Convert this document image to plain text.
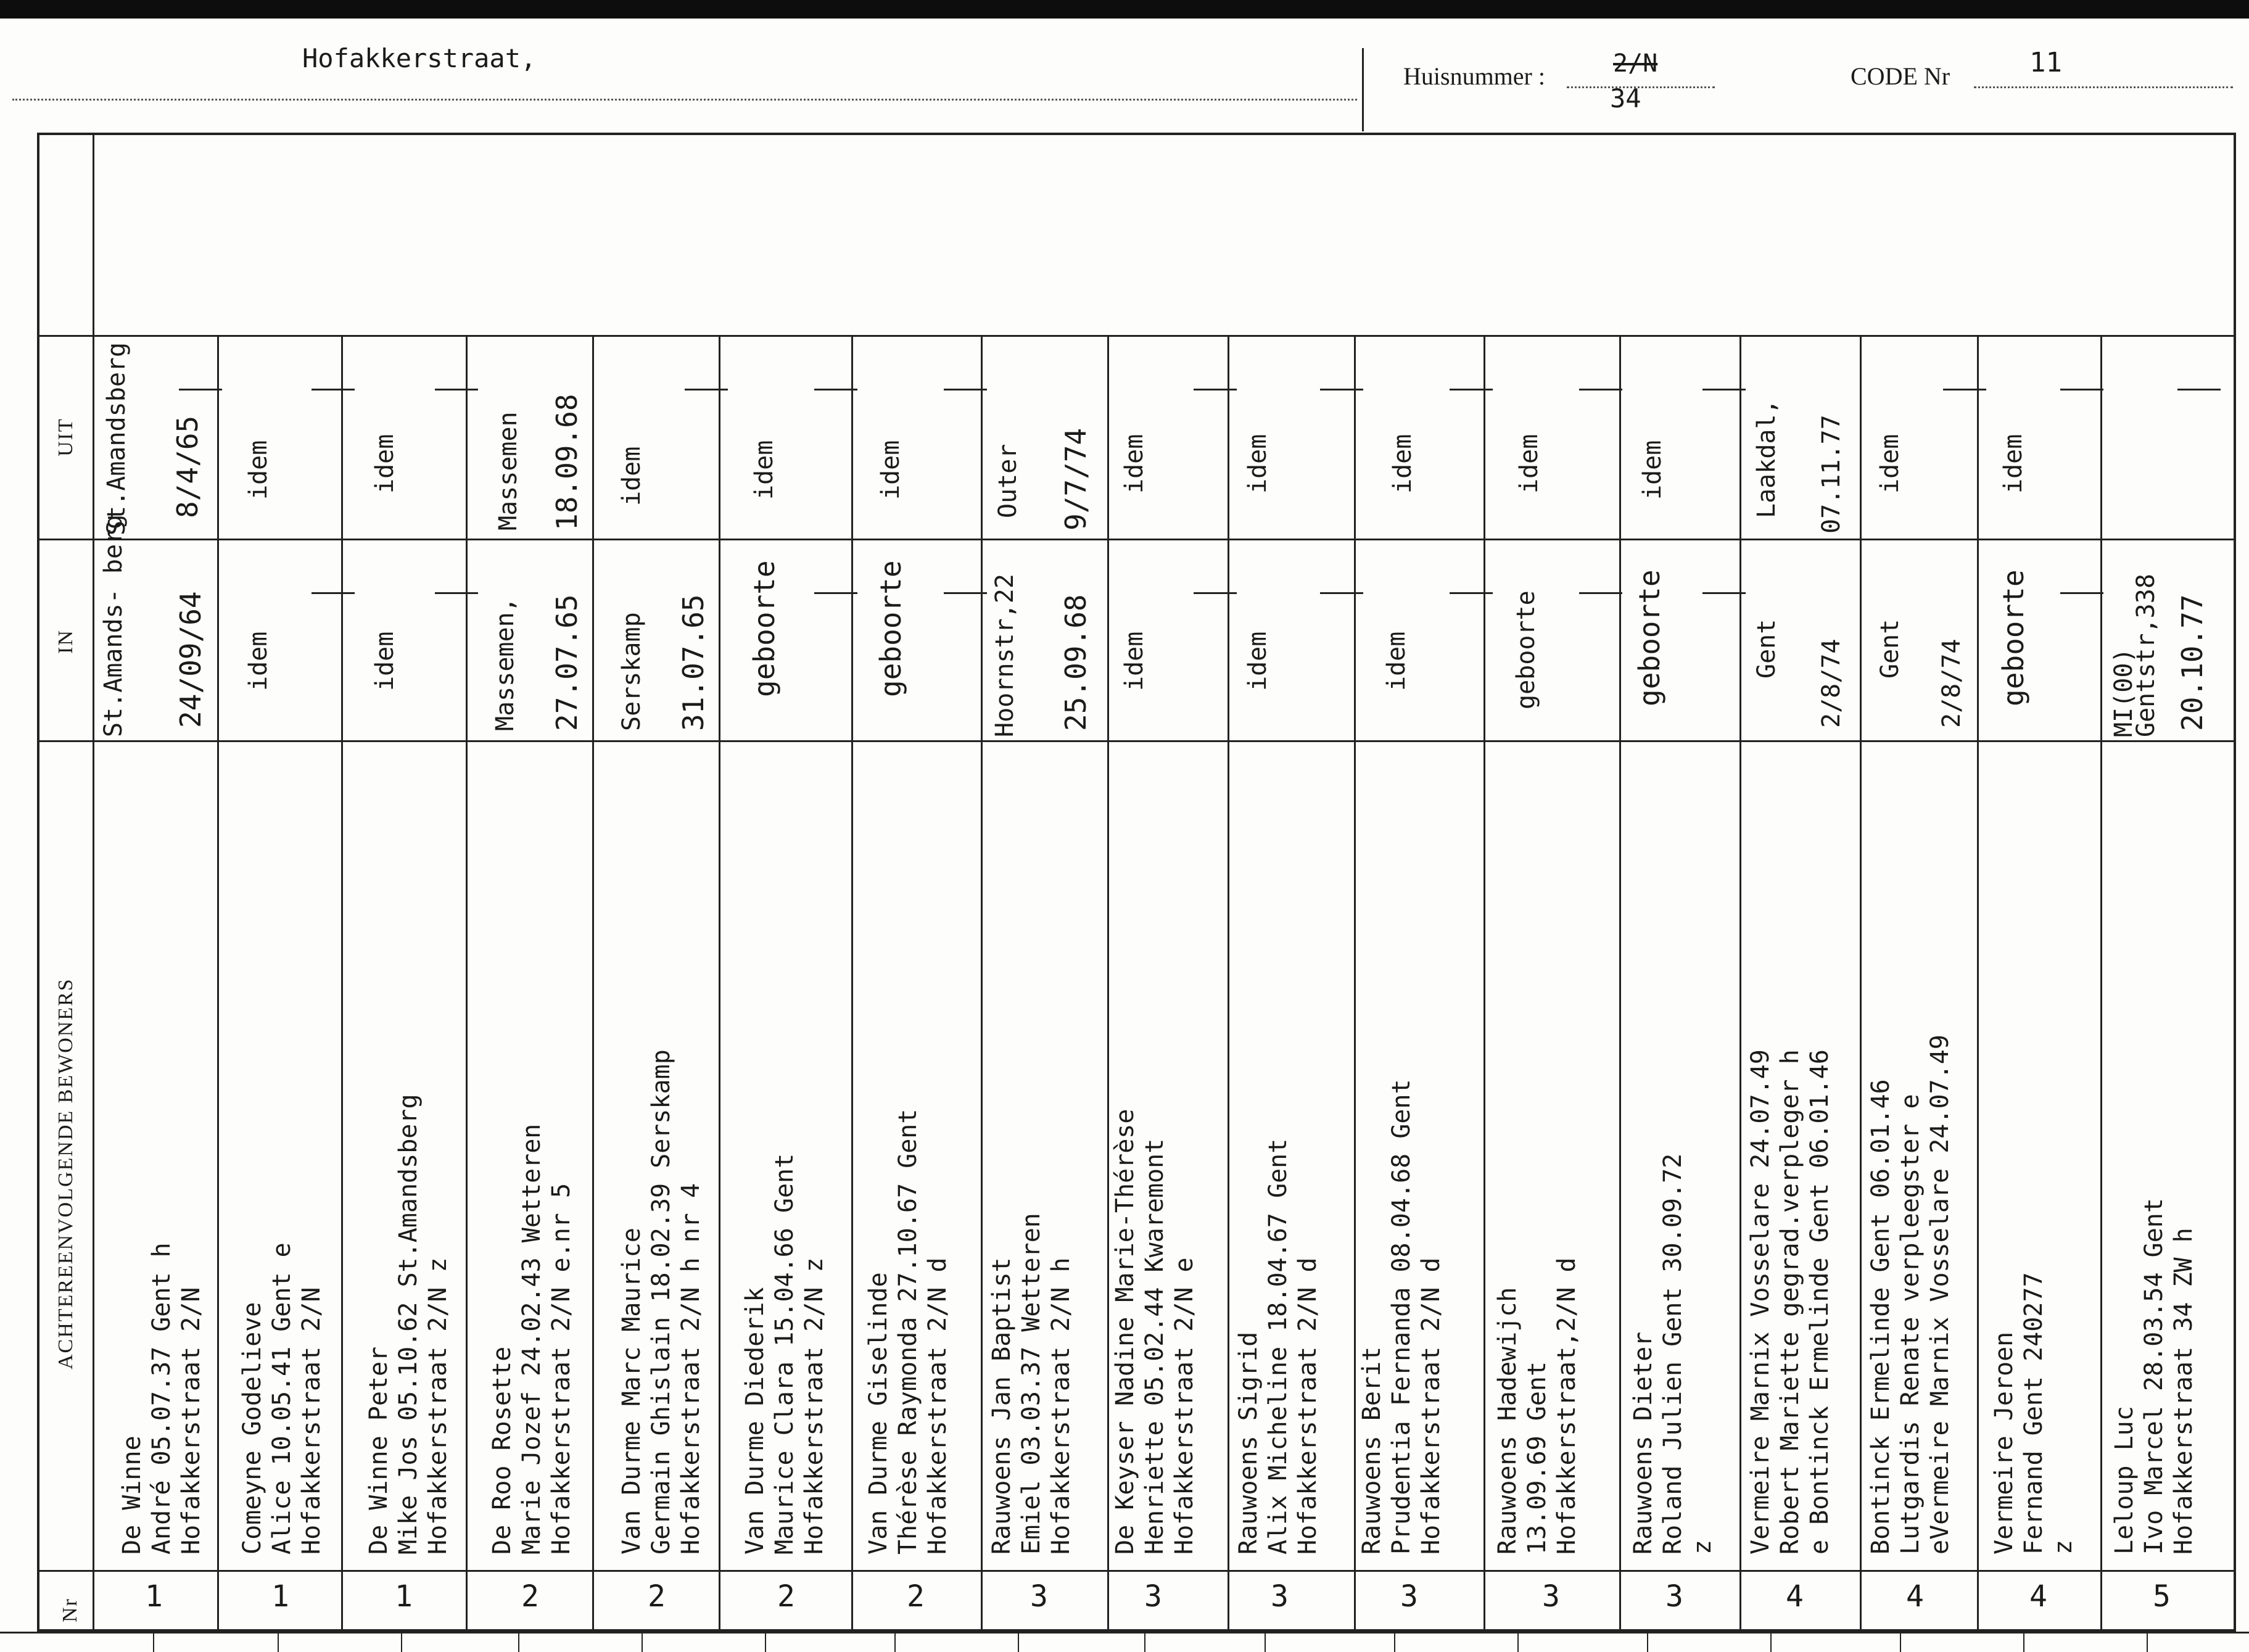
Hofakkerstraat,
Huisnummer :	2/N
34
CODE Nr	11
Nr
ACHTEREENVOLGENDE BEWONERS
IN
UIT
De Winne André 05.07.37 Gent h Hofakkerstraat 2/N
St.Amands- berg 24/09/64
St.Amandsberg 8/4/65
1
Comeyne Godelieve Alice 10.05.41 Gent e Hofakkerstraat 2/N
idem
idem
1
De Winne Peter Mike Jos 05.10.62 St.Amandsberg Hofakkerstraat 2/N z
idem
idem
1
De Roo Rosette Marie Jozef 24.02.43 Wetteren Hofakkerstraat 2/N e.nr 5
Massemen, 27.07.65
Massemen 18.09.68
2
Van Durme Marc Maurice Germain Ghislain 18.02.39 Serskamp Hofakkerstraat 2/N h nr 4
Serskamp 31.07.65
idem
2
Van Durme Diederik Maurice Clara 15.04.66 Gent Hofakkerstraat 2/N z
geboorte
idem
2
Van Durme Giselinde Thérèse Raymonda 27.10.67 Gent Hofakkerstraat 2/N d
geboorte
idem
2
Rauwoens Jan Baptist Emiel 03.03.37 Wetteren Hofakkerstraat 2/N h
Hoornstr,22 25.09.68
Outer 9/7/74
3
De Keyser Nadine Marie-Thérèse Henriette 05.02.44 Kwaremont Hofakkerstraat 2/N e
idem
idem
3
Rauwoens Sigrid Alix Micheline 18.04.67 Gent Hofakkerstraat 2/N d
idem
idem
3
Rauwoens Berit Prudentia Fernanda 08.04.68 Gent Hofakkerstraat 2/N d
idem
idem
3
Rauwoens Hadewijch 13.09.69 Gent Hofakkerstraat,2/N d
geboorte
idem
3
Rauwoens Dieter Roland Julien Gent 30.09.72 z
geboorte
idem
3
Vermeire Marnix Vosselare 24.07.49 Robert Mariette gegrad.verpleger h e Bontinck Ermelinde Gent 06.01.46
Gent 2/8/74
Laakdal, 07.11.77
4
Bontinck Ermelinde Gent 06.01.46 Lutgardis Renate verpleegster e eVermeire Marnix Vosselare 24.07.49
Gent 2/8/74
idem
4
Vermeire Jeroen Fernand Gent 240277 z
geboorte
idem
4
Leloup Luc Ivo Marcel 28.03.54 Gent Hofakkerstraat 34 ZW h
MI(00) Gentstr,338 20.10.77
5
